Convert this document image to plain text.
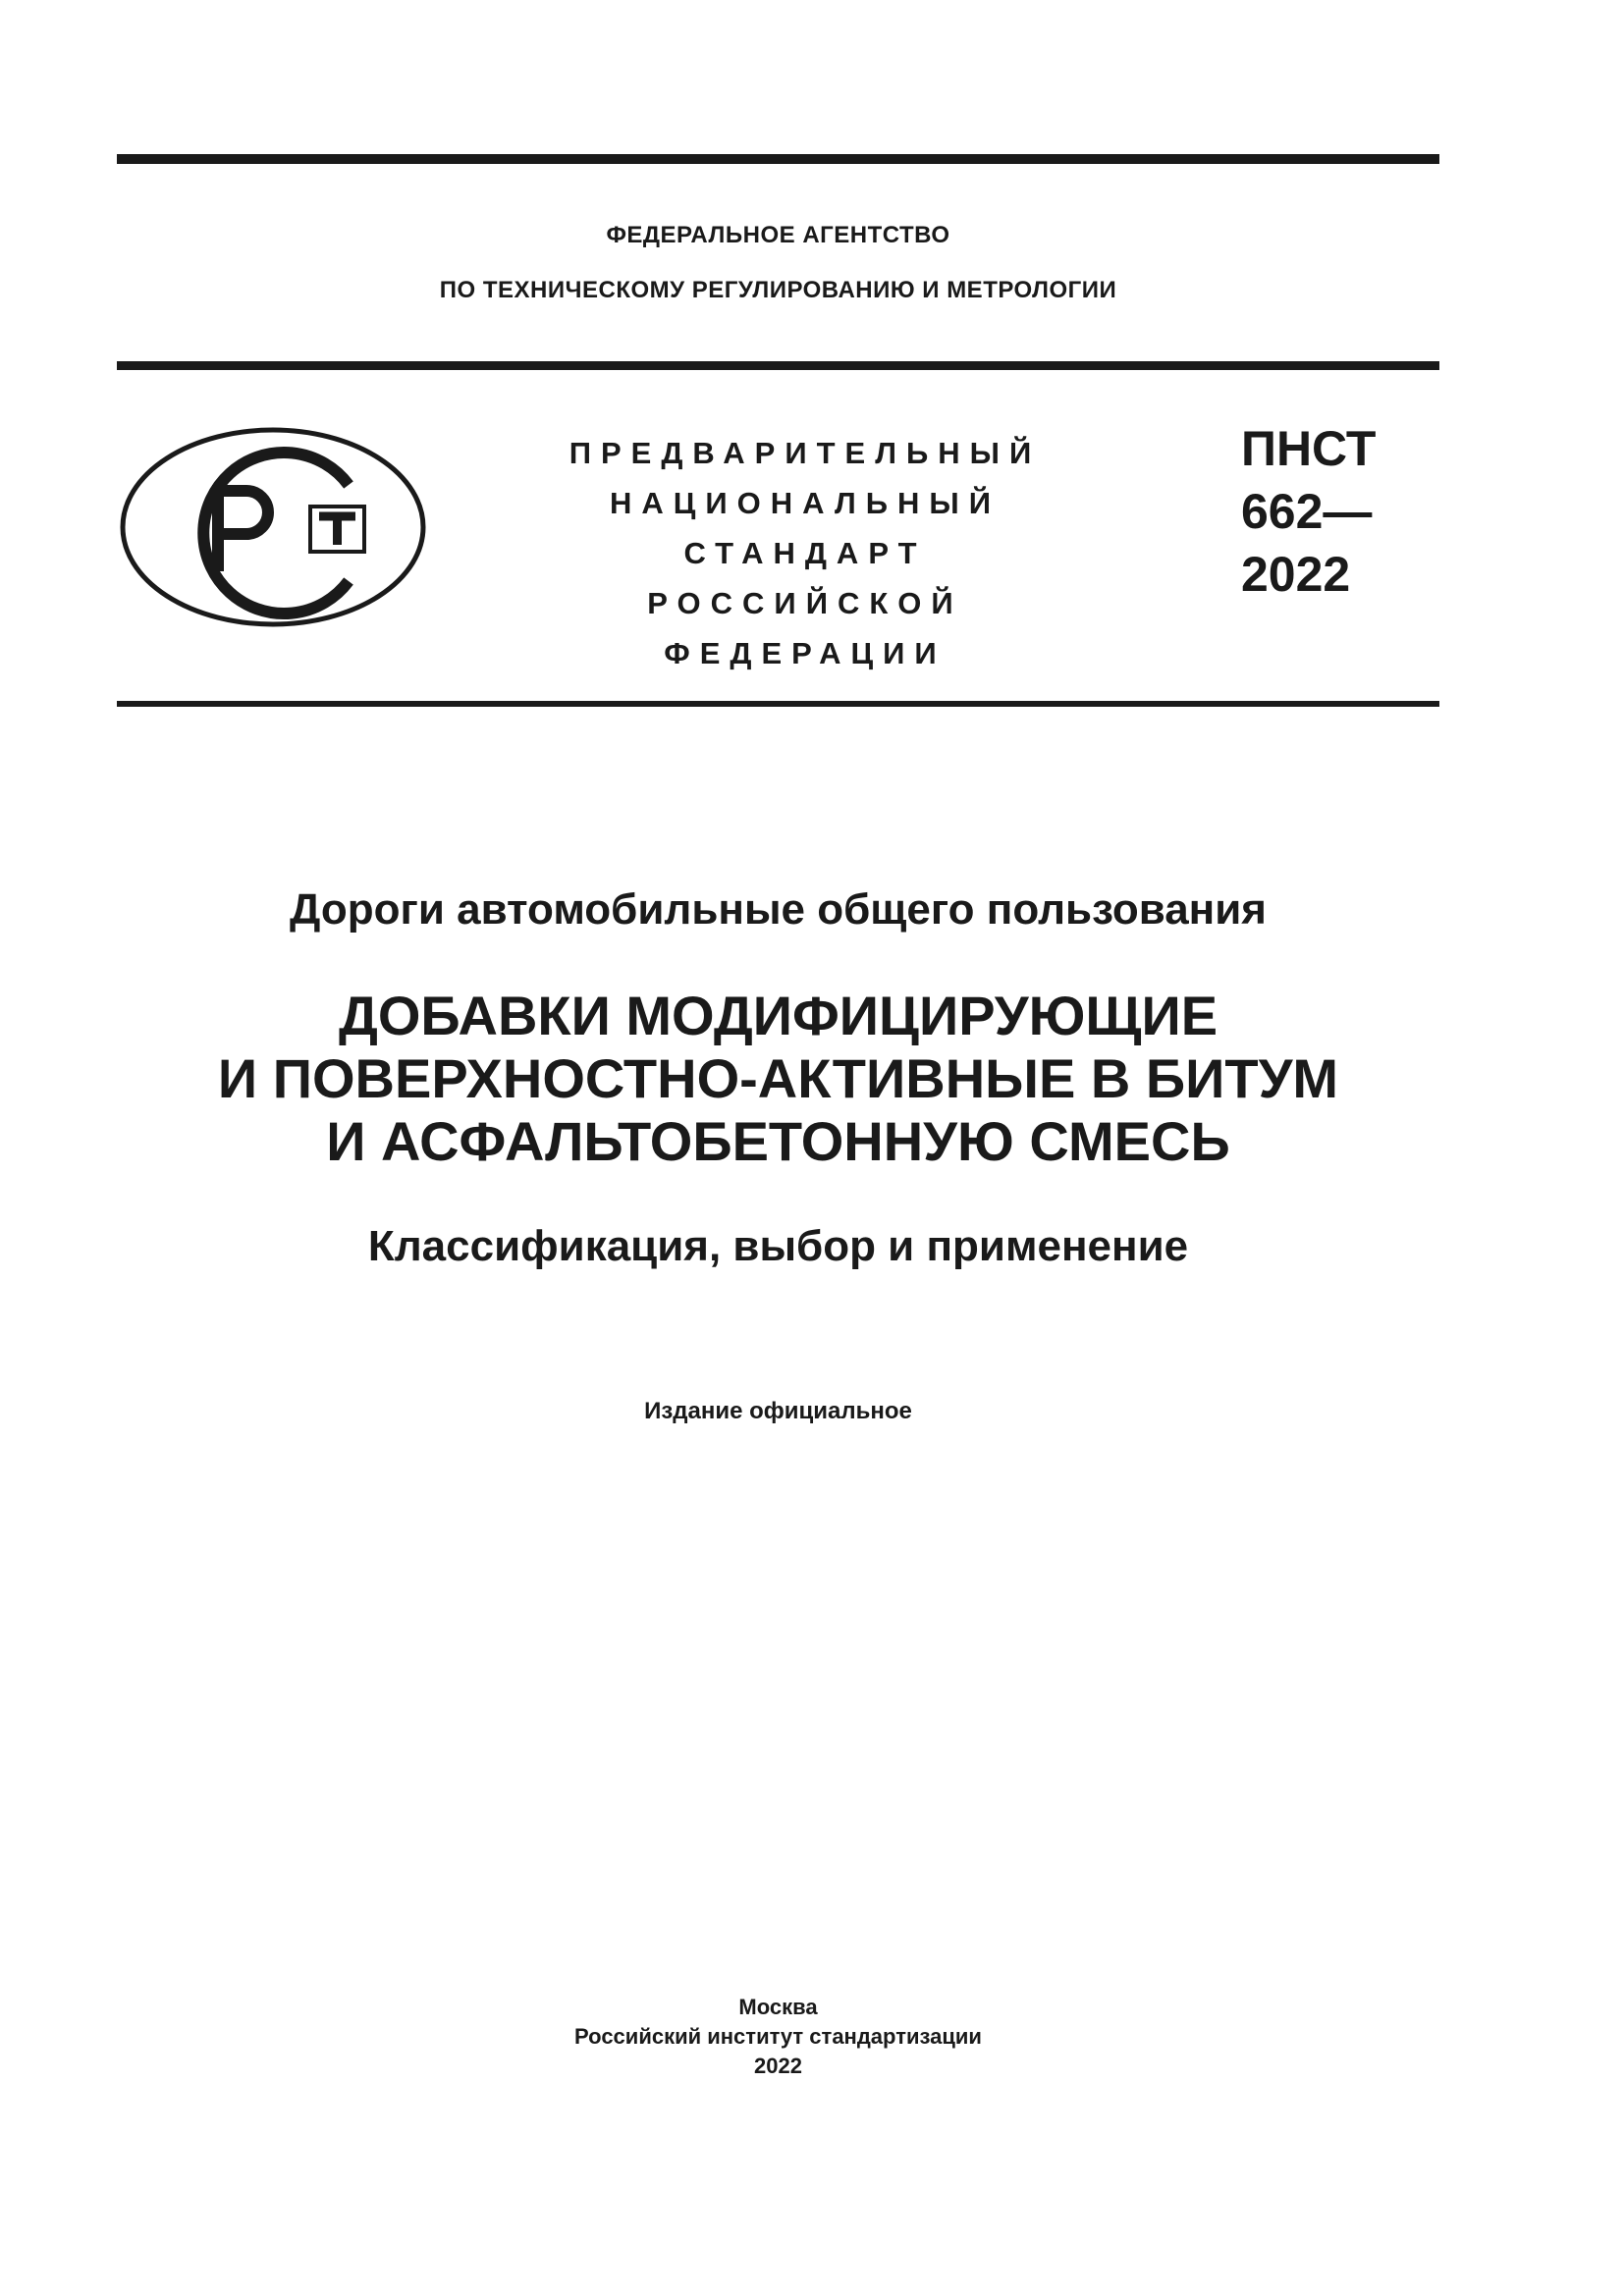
ФЕДЕРАЛЬНОЕ АГЕНТСТВО
ПО ТЕХНИЧЕСКОМУ РЕГУЛИРОВАНИЮ И МЕТРОЛОГИИ
ПРЕДВАРИТЕЛЬНЫЙ
НАЦИОНАЛЬНЫЙ
СТАНДАРТ
РОССИЙСКОЙ
ФЕДЕРАЦИИ
ПНСТ
662—
2022
Дороги автомобильные общего пользования
ДОБАВКИ МОДИФИЦИРУЮЩИЕ
И ПОВЕРХНОСТНО-АКТИВНЫЕ В БИТУМ
И АСФАЛЬТОБЕТОННУЮ СМЕСЬ
Классификация, выбор и применение
Издание официальное
Москва
Российский институт стандартизации
2022
